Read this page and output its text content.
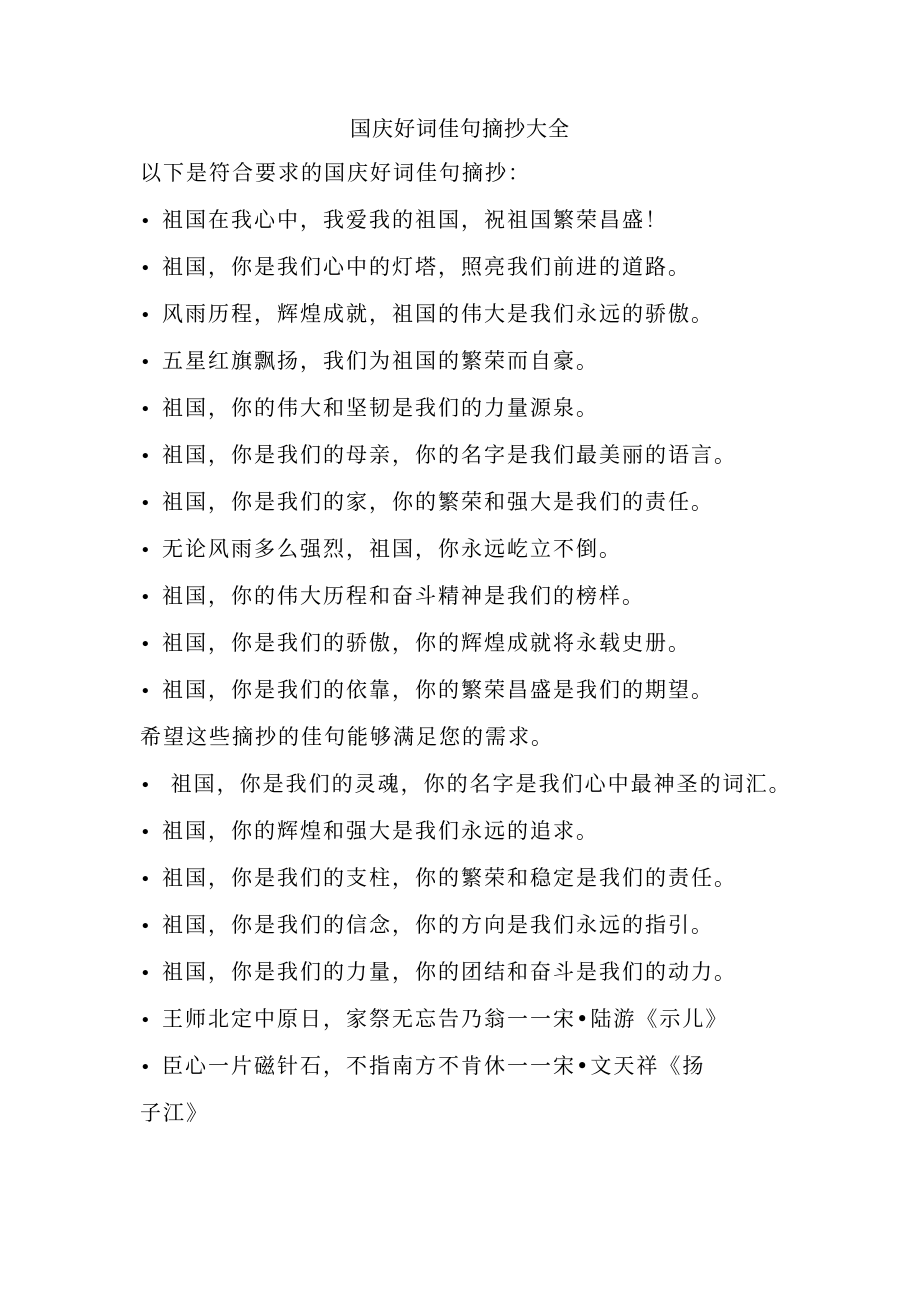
国庆好词佳句摘抄大全
以下是符合要求的国庆好词佳句摘抄：
• 祖国在我心中，我爱我的祖国，祝祖国繁荣昌盛！
• 祖国，你是我们心中的灯塔，照亮我们前进的道路。
• 风雨历程，辉煌成就，祖国的伟大是我们永远的骄傲。
• 五星红旗飘扬，我们为祖国的繁荣而自豪。
• 祖国，你的伟大和坚韧是我们的力量源泉。
• 祖国，你是我们的母亲，你的名字是我们最美丽的语言。
• 祖国，你是我们的家，你的繁荣和强大是我们的责任。
• 无论风雨多么强烈，祖国，你永远屹立不倒。
• 祖国，你的伟大历程和奋斗精神是我们的榜样。
• 祖国，你是我们的骄傲，你的辉煌成就将永载史册。
• 祖国，你是我们的依靠，你的繁荣昌盛是我们的期望。
希望这些摘抄的佳句能够满足您的需求。
• 祖国，你是我们的灵魂，你的名字是我们心中最神圣的词汇。
• 祖国，你的辉煌和强大是我们永远的追求。
• 祖国，你是我们的支柱，你的繁荣和稳定是我们的责任。
• 祖国，你是我们的信念，你的方向是我们永远的指引。
• 祖国，你是我们的力量，你的团结和奋斗是我们的动力。
• 王师北定中原日，家祭无忘告乃翁一一宋•陆游《示儿》
• 臣心一片磁针石，不指南方不肯休一一宋•文天祥《扬
子江》
